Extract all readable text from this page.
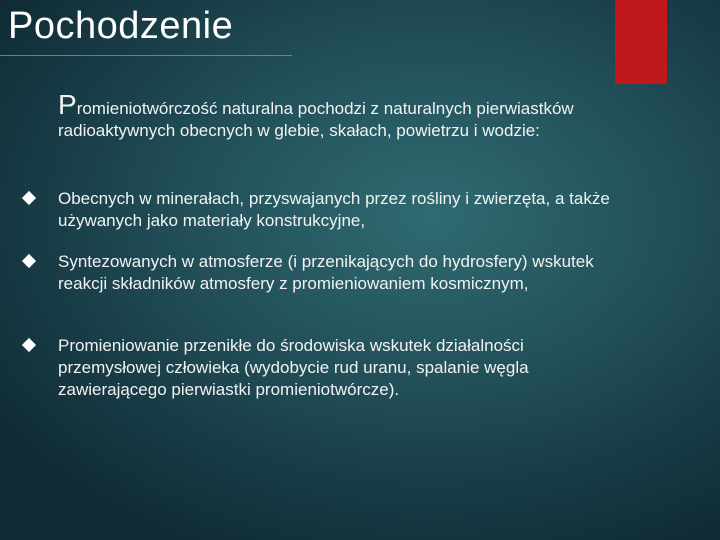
Pochodzenie
Promieniotwórczość naturalna pochodzi z naturalnych pierwiastków radioaktywnych obecnych w glebie, skałach, powietrzu i wodzie:
Obecnych w minerałach, przyswajanych przez rośliny i zwierzęta, a także używanych jako materiały konstrukcyjne,
Syntezowanych w atmosferze (i przenikających do hydrosfery) wskutek reakcji składników atmosfery z promieniowaniem kosmicznym,
Promieniowanie przenikłe do środowiska wskutek działalności przemysłowej człowieka (wydobycie rud uranu, spalanie węgla zawierającego pierwiastki promieniotwórcze).
